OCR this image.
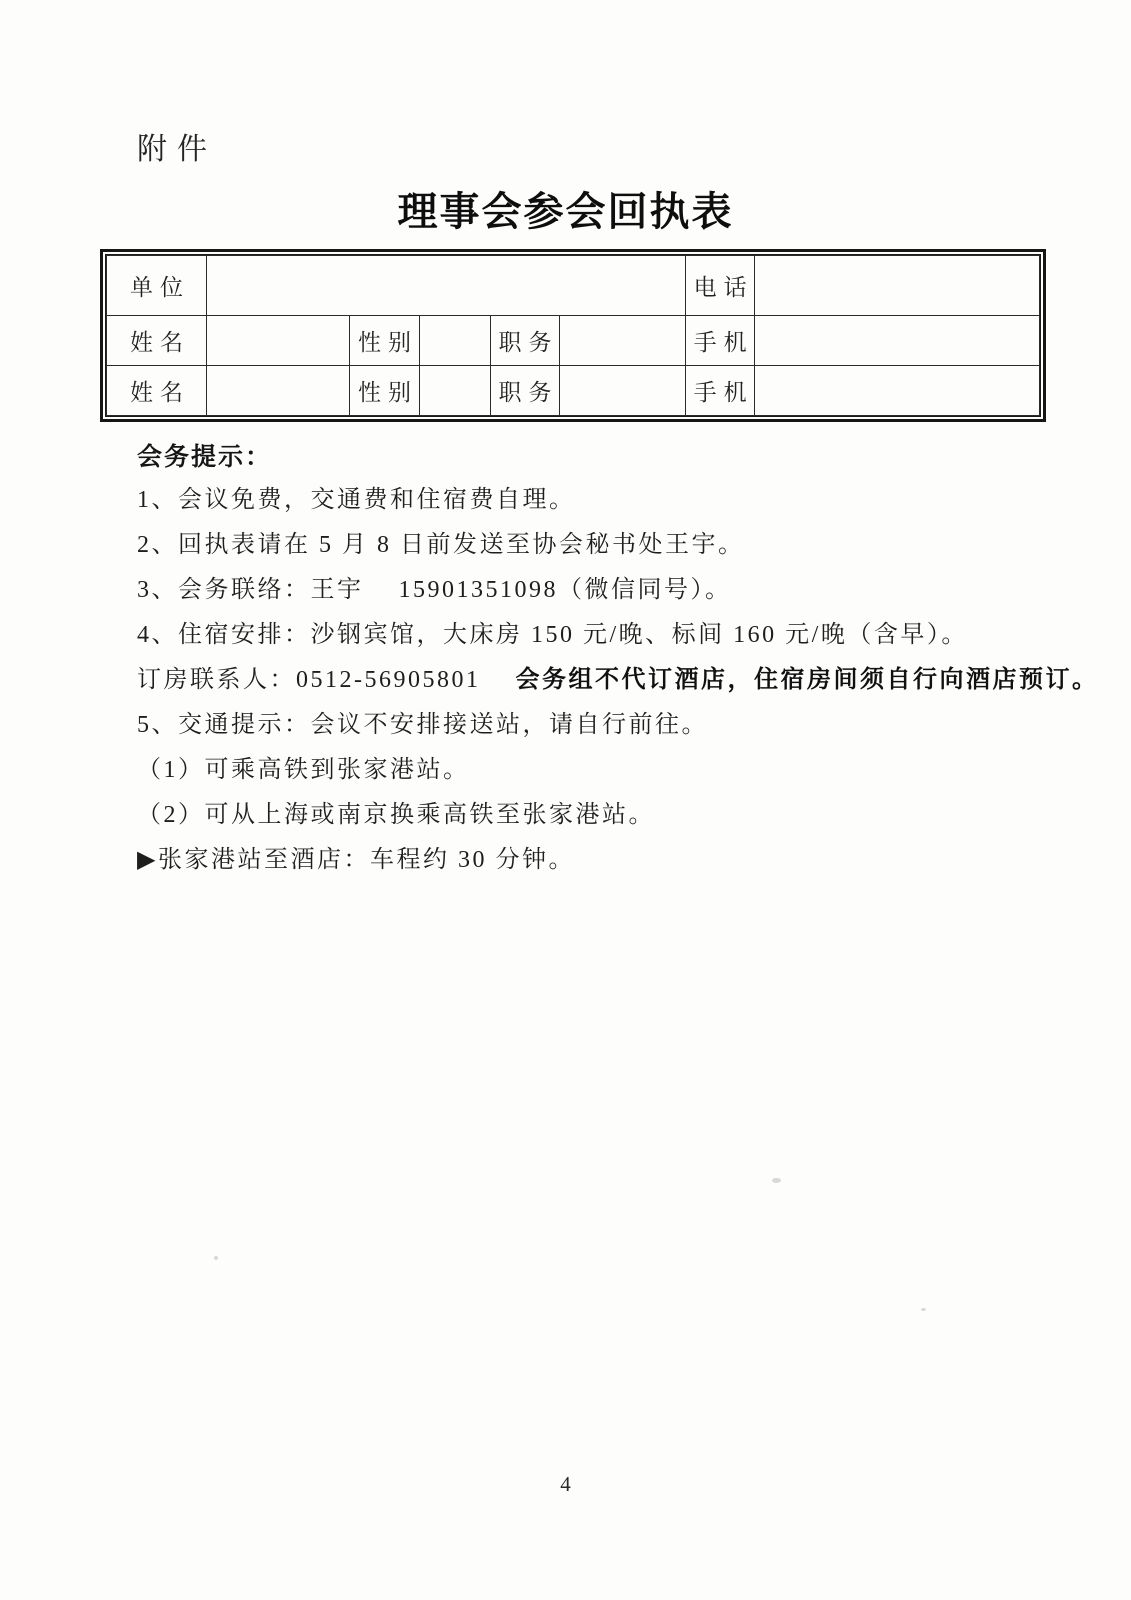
附件
理事会参会回执表
单位						电话	
姓名		性别		职务		手机	
姓名		性别		职务		手机	
会务提示：
1、会议免费，交通费和住宿费自理。
2、回执表请在 5 月 8 日前发送至协会秘书处王宇。
3、会务联络：王宇　 15901351098（微信同号）。
4、住宿安排：沙钢宾馆，大床房 150 元/晚、标间 160 元/晚（含早）。
订房联系人：0512-56905801　 会务组不代订酒店，住宿房间须自行向酒店预订。
5、交通提示：会议不安排接送站，请自行前往。
（1）可乘高铁到张家港站。
（2）可从上海或南京换乘高铁至张家港站。
▶张家港站至酒店：车程约 30 分钟。
4
